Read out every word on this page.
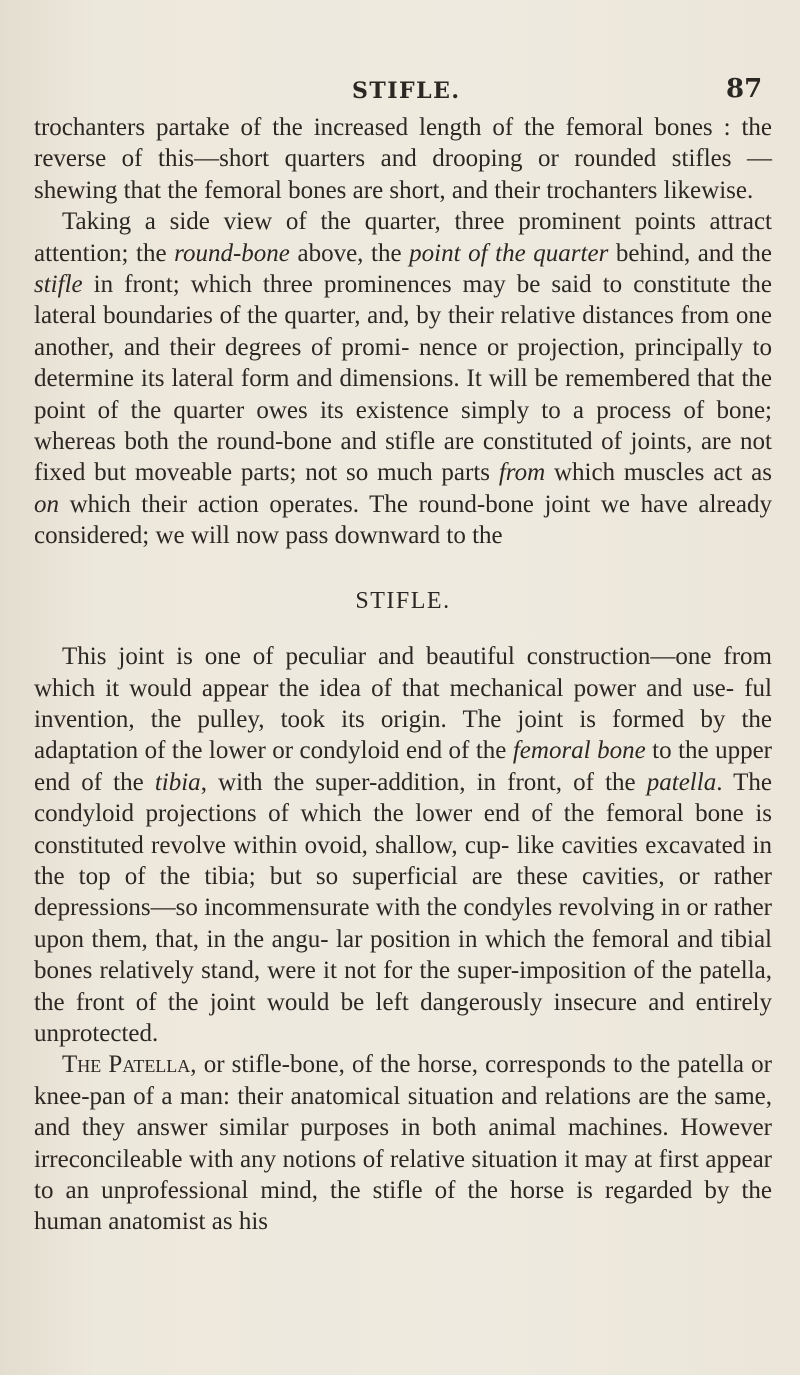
STIFLE.	87

trochanters partake of the increased length of the femoral bones : the reverse of this—short quarters and drooping or rounded stifles —shewing that the femoral bones are short, and their trochanters likewise.

Taking a side view of the quarter, three prominent points attract attention; the round-bone above, the point of the quarter behind, and the stifle in front; which three prominences may be said to constitute the lateral boundaries of the quarter, and, by their relative distances from one another, and their degrees of promi- nence or projection, principally to determine its lateral form and dimensions. It will be remembered that the point of the quarter owes its existence simply to a process of bone; whereas both the round-bone and stifle are constituted of joints, are not fixed but moveable parts; not so much parts from which muscles act as on which their action operates. The round-bone joint we have already considered; we will now pass downward to the

STIFLE.

This joint is one of peculiar and beautiful construction—one from which it would appear the idea of that mechanical power and use- ful invention, the pulley, took its origin. The joint is formed by the adaptation of the lower or condyloid end of the femoral bone to the upper end of the tibia, with the super-addition, in front, of the patella. The condyloid projections of which the lower end of the femoral bone is constituted revolve within ovoid, shallow, cup- like cavities excavated in the top of the tibia; but so superficial are these cavities, or rather depressions—so incommensurate with the condyles revolving in or rather upon them, that, in the angu- lar position in which the femoral and tibial bones relatively stand, were it not for the super-imposition of the patella, the front of the joint would be left dangerously insecure and entirely unprotected.

The Patella, or stifle-bone, of the horse, corresponds to the patella or knee-pan of a man: their anatomical situation and relations are the same, and they answer similar purposes in both animal machines. However irreconcileable with any notions of relative situation it may at first appear to an unprofessional mind, the stifle of the horse is regarded by the human anatomist as his
